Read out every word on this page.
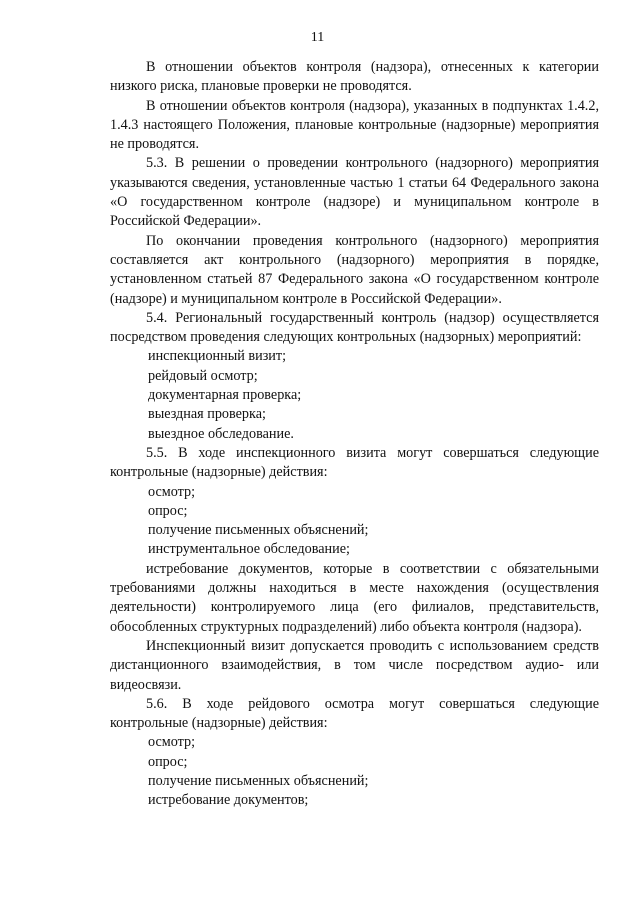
11

В отношении объектов контроля (надзора), отнесенных к категории низкого риска, плановые проверки не проводятся.

В отношении объектов контроля (надзора), указанных в подпунктах 1.4.2, 1.4.3 настоящего Положения, плановые контрольные (надзорные) мероприятия не проводятся.

5.3. В решении о проведении контрольного (надзорного) мероприятия указываются сведения, установленные частью 1 статьи 64 Федерального закона «О государственном контроле (надзоре) и муниципальном контроле в Российской Федерации».

По окончании проведения контрольного (надзорного) мероприятия составляется акт контрольного (надзорного) мероприятия в порядке, установленном статьей 87 Федерального закона «О государственном контроле (надзоре) и муниципальном контроле в Российской Федерации».

5.4. Региональный государственный контроль (надзор) осуществляется посредством проведения следующих контрольных (надзорных) мероприятий:

инспекционный визит;

рейдовый осмотр;

документарная проверка;

выездная проверка;

выездное обследование.

5.5. В ходе инспекционного визита могут совершаться следующие контрольные (надзорные) действия:

осмотр;

опрос;

получение письменных объяснений;

инструментальное обследование;

истребование документов, которые в соответствии с обязательными требованиями должны находиться в месте нахождения (осуществления деятельности) контролируемого лица (его филиалов, представительств, обособленных структурных подразделений) либо объекта контроля (надзора).

Инспекционный визит допускается проводить с использованием средств дистанционного взаимодействия, в том числе посредством аудио- или видеосвязи.

5.6. В ходе рейдового осмотра могут совершаться следующие контрольные (надзорные) действия:

осмотр;

опрос;

получение письменных объяснений;

истребование документов;
